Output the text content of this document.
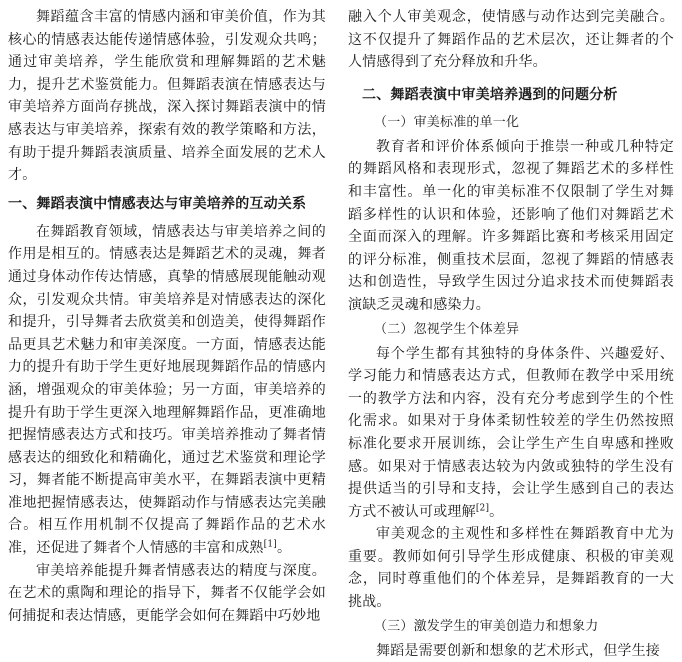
舞蹈蕴含丰富的情感内涵和审美价值，作为其核心的情感表达能传递情感体验，引发观众共鸣；通过审美培养，学生能欣赏和理解舞蹈的艺术魅力，提升艺术鉴赏能力。但舞蹈表演在情感表达与审美培养方面尚存挑战，深入探讨舞蹈表演中的情感表达与审美培养，探索有效的教学策略和方法，有助于提升舞蹈表演质量、培养全面发展的艺术人才。

一、舞蹈表演中情感表达与审美培养的互动关系

在舞蹈教育领域，情感表达与审美培养之间的作用是相互的。情感表达是舞蹈艺术的灵魂，舞者通过身体动作传达情感，真挚的情感展现能触动观众，引发观众共情。审美培养是对情感表达的深化和提升，引导舞者去欣赏美和创造美，使得舞蹈作品更具艺术魅力和审美深度。一方面，情感表达能力的提升有助于学生更好地展现舞蹈作品的情感内涵，增强观众的审美体验；另一方面，审美培养的提升有助于学生更深入地理解舞蹈作品，更准确地把握情感表达方式和技巧。审美培养推动了舞者情感表达的细致化和精确化，通过艺术鉴赏和理论学习，舞者能不断提高审美水平，在舞蹈表演中更精准地把握情感表达，使舞蹈动作与情感表达完美融合。相互作用机制不仅提高了舞蹈作品的艺术水准，还促进了舞者个人情感的丰富和成熟[1]。

审美培养能提升舞者情感表达的精度与深度。在艺术的熏陶和理论的指导下，舞者不仅能学会如何捕捉和表达情感，更能学会如何在舞蹈中巧妙地

融入个人审美观念，使情感与动作达到完美融合。这不仅提升了舞蹈作品的艺术层次，还让舞者的个人情感得到了充分释放和升华。

二、舞蹈表演中审美培养遇到的问题分析
（一）审美标准的单一化

教育者和评价体系倾向于推崇一种或几种特定的舞蹈风格和表现形式，忽视了舞蹈艺术的多样性和丰富性。单一化的审美标准不仅限制了学生对舞蹈多样性的认识和体验，还影响了他们对舞蹈艺术全面而深入的理解。许多舞蹈比赛和考核采用固定的评分标准，侧重技术层面，忽视了舞蹈的情感表达和创造性，导致学生因过分追求技术而使舞蹈表演缺乏灵魂和感染力。

（二）忽视学生个体差异

每个学生都有其独特的身体条件、兴趣爱好、学习能力和情感表达方式，但教师在教学中采用统一的教学方法和内容，没有充分考虑到学生的个性化需求。如果对于身体柔韧性较差的学生仍然按照标准化要求开展训练，会让学生产生自卑感和挫败感。如果对于情感表达较为内敛或独特的学生没有提供适当的引导和支持，会让学生感到自己的表达方式不被认可或理解[2]。

审美观念的主观性和多样性在舞蹈教育中尤为重要。教师如何引导学生形成健康、积极的审美观念，同时尊重他们的个体差异，是舞蹈教育的一大挑战。

（三）激发学生的审美创造力和想象力

舞蹈是需要创新和想象的艺术形式，但学生接
